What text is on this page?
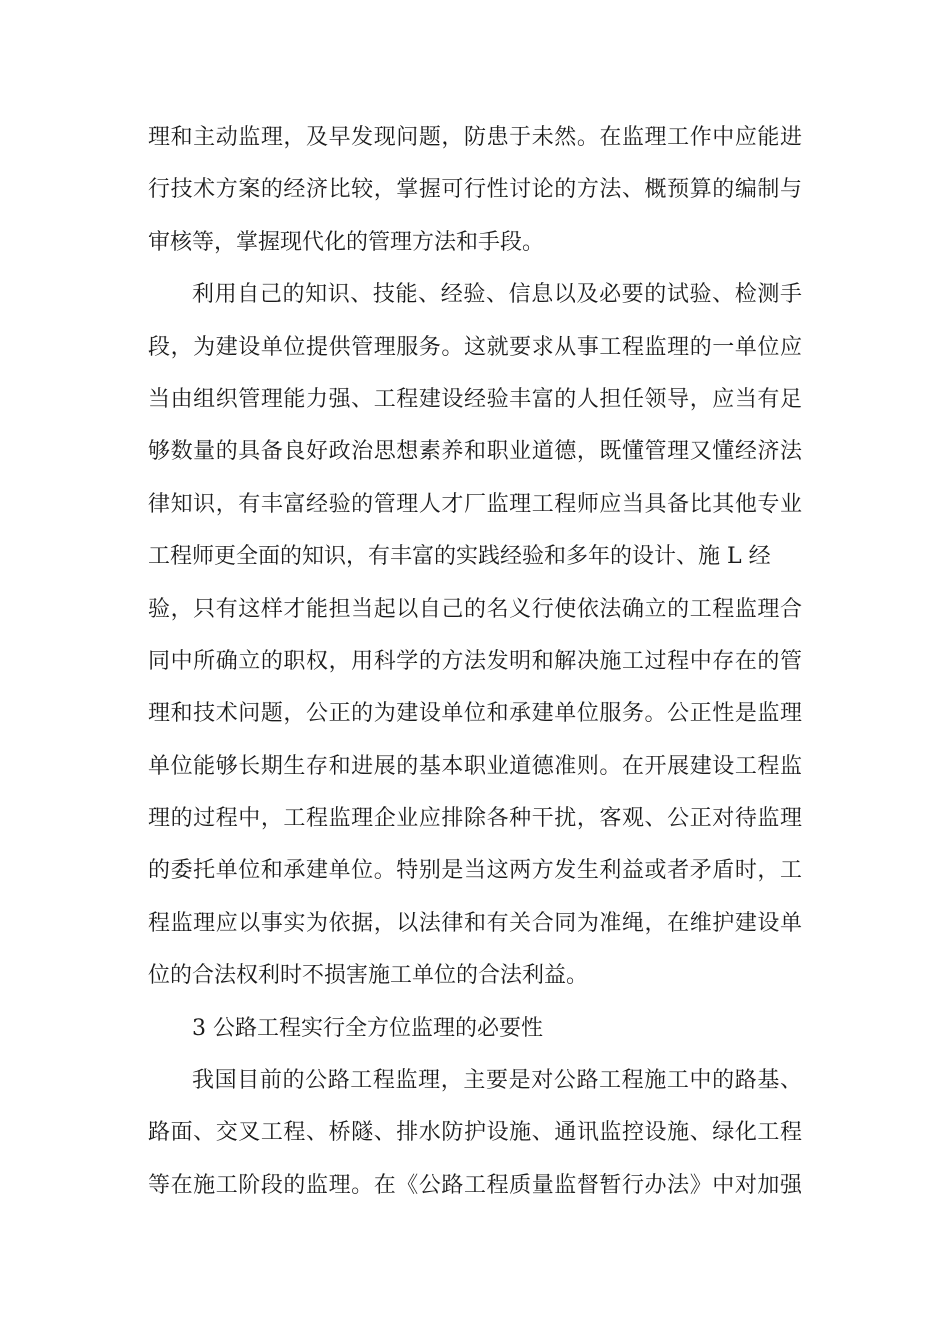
理和主动监理，及早发现问题，防患于未然。在监理工作中应能进
行技术方案的经济比较，掌握可行性讨论的方法、概预算的编制与
审核等，掌握现代化的管理方法和手段。
利用自己的知识、技能、经验、信息以及必要的试验、检测手
段，为建设单位提供管理服务。这就要求从事工程监理的一单位应
当由组织管理能力强、工程建设经验丰富的人担任领导，应当有足
够数量的具备良好政治思想素养和职业道德，既懂管理又懂经济法
律知识，有丰富经验的管理人才厂监理工程师应当具备比其他专业
工程师更全面的知识，有丰富的实践经验和多年的设计、施 L 经
验，只有这样才能担当起以自己的名义行使依法确立的工程监理合
同中所确立的职权，用科学的方法发明和解决施工过程中存在的管
理和技术问题，公正的为建设单位和承建单位服务。公正性是监理
单位能够长期生存和进展的基本职业道德准则。在开展建设工程监
理的过程中，工程监理企业应排除各种干扰，客观、公正对待监理
的委托单位和承建单位。特别是当这两方发生利益或者矛盾时，工
程监理应以事实为依据，以法律和有关合同为准绳，在维护建设单
位的合法权利时不损害施工单位的合法利益。
3 公路工程实行全方位监理的必要性
我国目前的公路工程监理，主要是对公路工程施工中的路基、
路面、交叉工程、桥隧、排水防护设施、通讯监控设施、绿化工程
等在施工阶段的监理。在《公路工程质量监督暂行办法》中对加强
